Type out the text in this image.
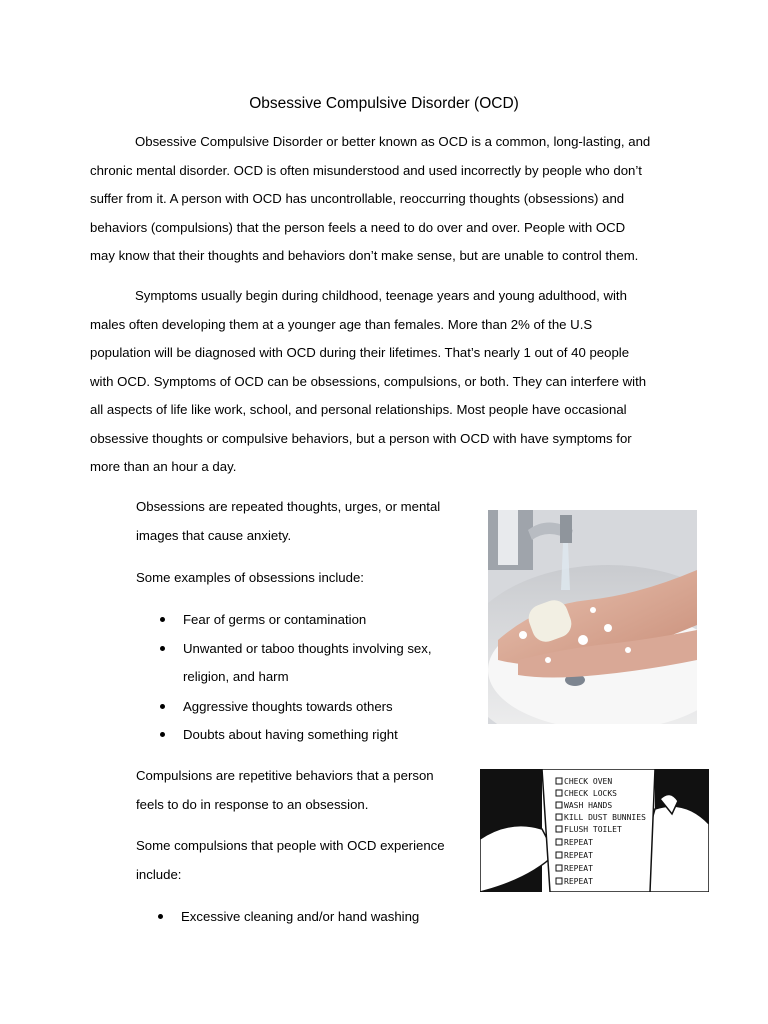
Obsessive Compulsive Disorder (OCD)

Obsessive Compulsive Disorder or better known as OCD is a common, long-lasting, and
chronic mental disorder. OCD is often misunderstood and used incorrectly by people who don’t
suffer from it. A person with OCD has uncontrollable, reoccurring thoughts (obsessions) and
behaviors (compulsions) that the person feels a need to do over and over. People with OCD
may know that their thoughts and behaviors don’t make sense, but are unable to control them.

Symptoms usually begin during childhood, teenage years and young adulthood, with
males often developing them at a younger age than females. More than 2% of the U.S
population will be diagnosed with OCD during their lifetimes. That’s nearly 1 out of 40 people
with OCD. Symptoms of OCD can be obsessions, compulsions, or both. They can interfere with
all aspects of life like work, school, and personal relationships. Most people have occasional
obsessive thoughts or compulsive behaviors, but a person with OCD with have symptoms for
more than an hour a day.

Obsessions are repeated thoughts, urges, or mental
images that cause anxiety.
Some examples of obsessions include:
Fear of germs or contamination
Unwanted or taboo thoughts involving sex,
religion, and harm
Aggressive thoughts towards others
Doubts about having something right
Compulsions are repetitive behaviors that a person
feels to do in response to an obsession.
Some compulsions that people with OCD experience
include:
Excessive cleaning and/or hand washing
CHECK OVEN
CHECK LOCKS
WASH HANDS
KILL DUST BUNNIES
FLUSH TOILET
REPEAT
REPEAT
REPEAT
REPEAT
